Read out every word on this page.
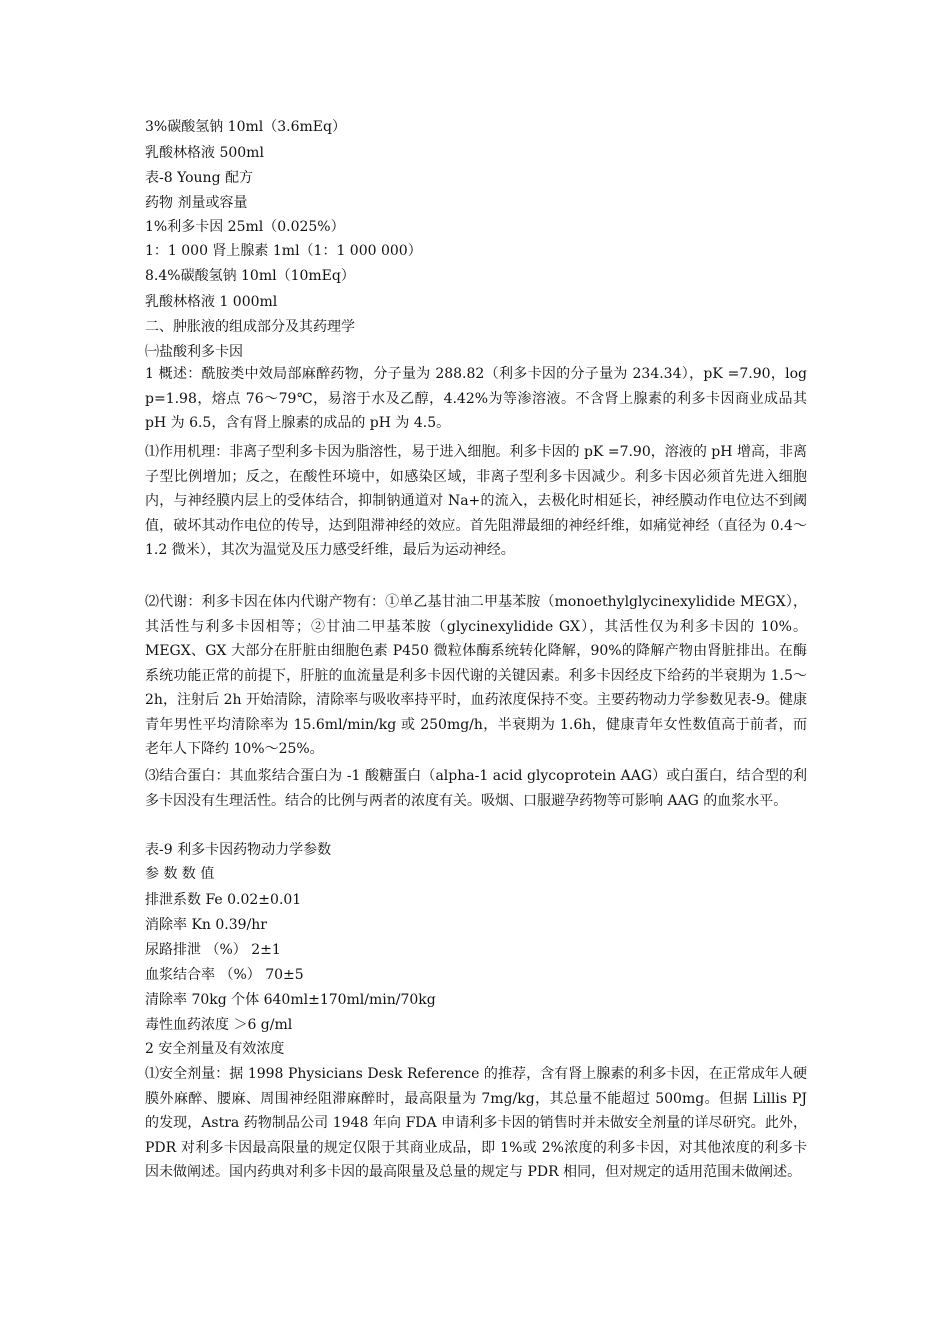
3%碳酸氢钠 10ml（3.6mEq）
乳酸林格液 500ml
表-8 Young 配方
药物 剂量或容量
1%利多卡因 25ml（0.025%）
1：1 000 肾上腺素 1ml（1：1 000 000）
8.4%碳酸氢钠 10ml（10mEq）
乳酸林格液 1 000ml
二、肿胀液的组成部分及其药理学
㈠盐酸利多卡因
1 概述：酰胺类中效局部麻醉药物，分子量为 288.82（利多卡因的分子量为 234.34），pK =7.90，log p=1.98，熔点 76～79℃，易溶于水及乙醇，4.42%为等渗溶液。不含肾上腺素的利多卡因商业成品其 pH 为 6.5，含有肾上腺素的成品的 pH 为 4.5。
⑴作用机理：非离子型利多卡因为脂溶性，易于进入细胞。利多卡因的 pK =7.90，溶液的 pH 增高，非离子型比例增加；反之，在酸性环境中，如感染区域，非离子型利多卡因减少。利多卡因必须首先进入细胞内，与神经膜内层上的受体结合，抑制钠通道对 Na+的流入，去极化时相延长，神经膜动作电位达不到阈值，破坏其动作电位的传导，达到阻滞神经的效应。首先阻滞最细的神经纤维，如痛觉神经（直径为 0.4～1.2 微米），其次为温觉及压力感受纤维，最后为运动神经。
⑵代谢：利多卡因在体内代谢产物有：①单乙基甘油二甲基苯胺（monoethylglycinexylidide MEGX），其活性与利多卡因相等；②甘油二甲基苯胺（glycinexylidide GX），其活性仅为利多卡因的 10%。MEGX、GX 大部分在肝脏由细胞色素 P450 微粒体酶系统转化降解，90%的降解产物由肾脏排出。在酶系统功能正常的前提下，肝脏的血流量是利多卡因代谢的关键因素。利多卡因经皮下给药的半衰期为 1.5～2h，注射后 2h 开始清除，清除率与吸收率持平时，血药浓度保持不变。主要药物动力学参数见表-9。健康青年男性平均清除率为 15.6ml/min/kg 或 250mg/h，半衰期为 1.6h，健康青年女性数值高于前者，而老年人下降约 10%～25%。
⑶结合蛋白：其血浆结合蛋白为 -1 酸糖蛋白（alpha-1 acid glycoprotein AAG）或白蛋白，结合型的利多卡因没有生理活性。结合的比例与两者的浓度有关。吸烟、口服避孕药物等可影响 AAG 的血浆水平。
表-9 利多卡因药物动力学参数
参 数 数 值
排泄系数 Fe 0.02±0.01
消除率 Kn 0.39/hr
尿路排泄 （%） 2±1
血浆结合率 （%） 70±5
清除率 70kg 个体 640ml±170ml/min/70kg
毒性血药浓度 ＞6 g/ml
2 安全剂量及有效浓度
⑴安全剂量：据 1998 Physicians Desk Reference 的推荐，含有肾上腺素的利多卡因，在正常成年人硬膜外麻醉、腰麻、周围神经阻滞麻醉时，最高限量为 7mg/kg，其总量不能超过 500mg。但据 Lillis PJ 的发现，Astra 药物制品公司 1948 年向 FDA 申请利多卡因的销售时并未做安全剂量的详尽研究。此外，PDR 对利多卡因最高限量的规定仅限于其商业成品，即 1%或 2%浓度的利多卡因，对其他浓度的利多卡因未做阐述。国内药典对利多卡因的最高限量及总量的规定与 PDR 相同，但对规定的适用范围未做阐述。
